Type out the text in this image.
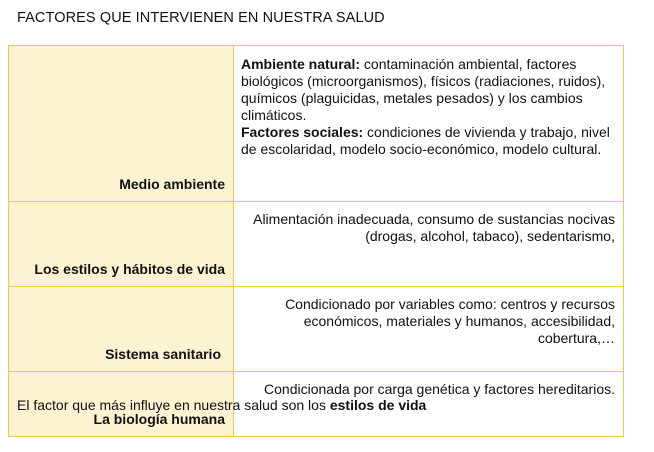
FACTORES QUE INTERVIENEN EN NUESTRA SALUD
Medio ambiente	Ambiente natural: contaminación ambiental, factores biológicos (microorganismos), físicos (radiaciones, ruidos), químicos (plaguicidas, metales pesados) y los cambios climáticos.
Factores sociales: condiciones de vivienda y trabajo, nivel de escolaridad, modelo socio-económico, modelo cultural.

Los estilos y hábitos de vida	Alimentación inadecuada, consumo de sustancias nocivas (drogas, alcohol, tabaco), sedentarismo,
Sistema sanitario	Condicionado por variables como: centros y recursos económicos, materiales y humanos, accesibilidad, cobertura,…
La biología humana	Condicionada por carga genética y factores hereditarios.
El factor que más influye en nuestra salud son los estilos de vida
